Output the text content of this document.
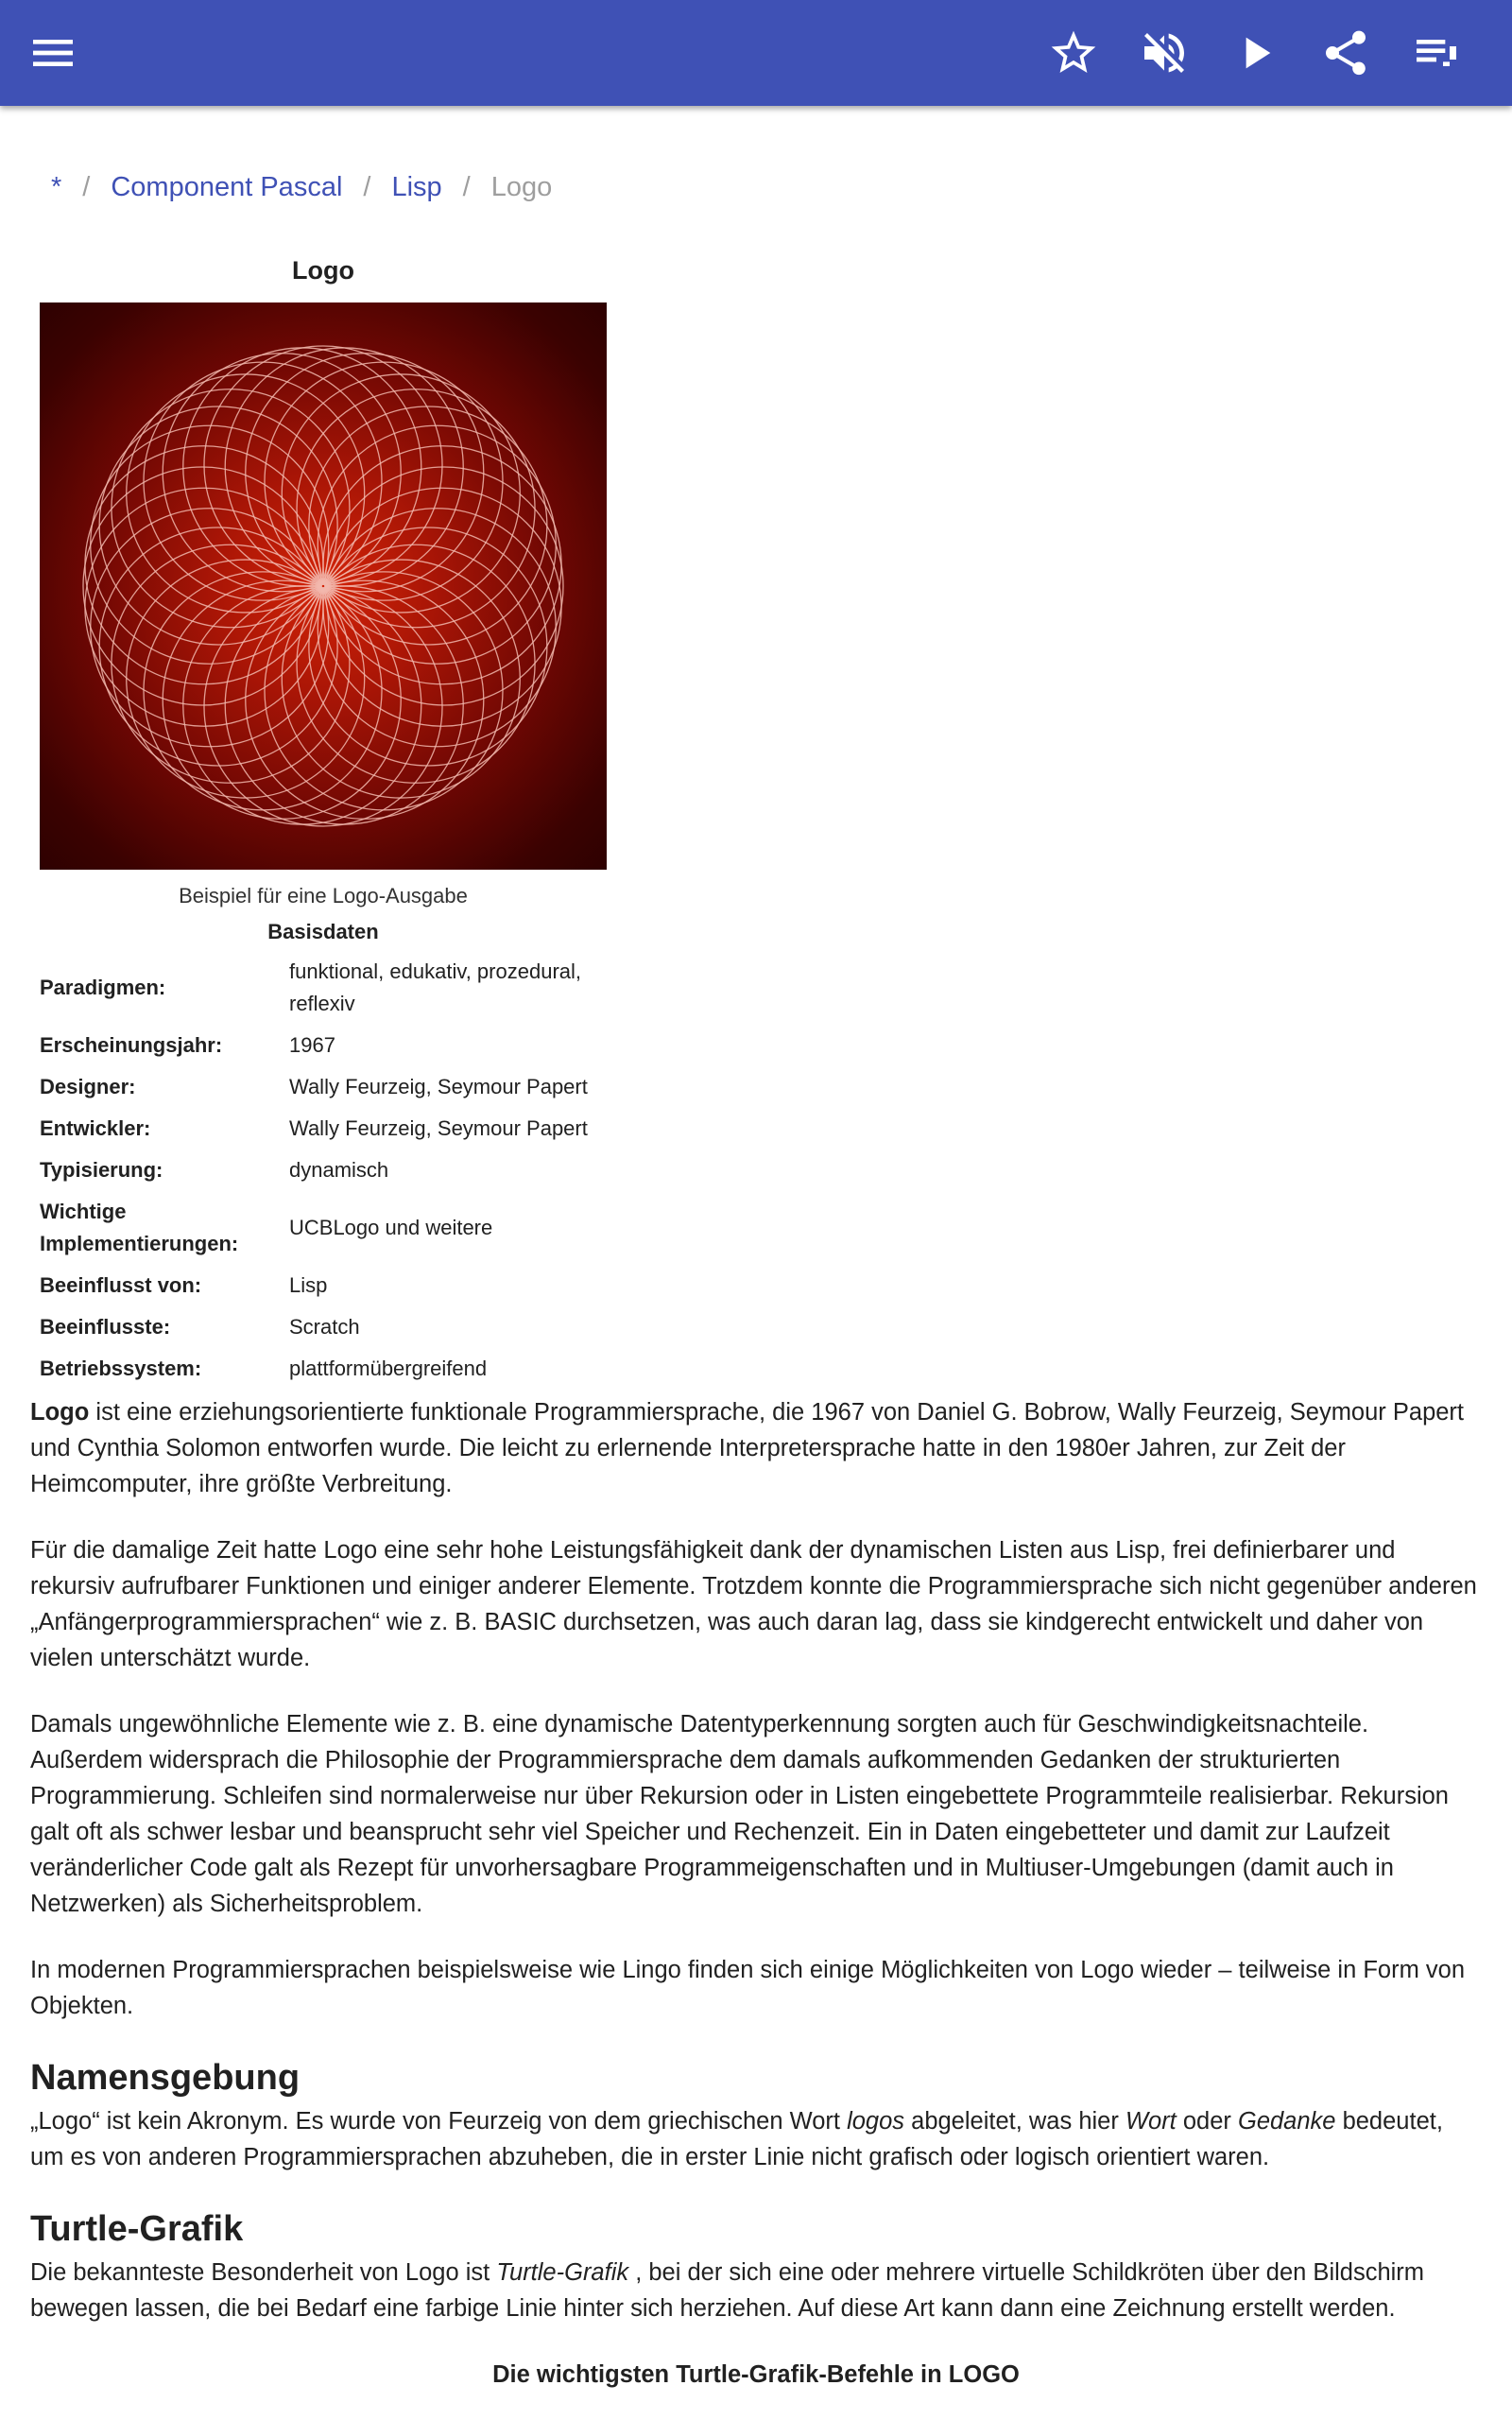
* / Component Pascal / Lisp / Logo
Logo
Beispiel für eine Logo-Ausgabe
Basisdaten
Paradigmen:	funktional, edukativ, prozedural, reflexiv
Erscheinungsjahr:	1967
Designer:	Wally Feurzeig, Seymour Papert
Entwickler:	Wally Feurzeig, Seymour Papert
Typisierung:	dynamisch
Wichtige Implementierungen:	UCBLogo und weitere
Beeinflusst von:	Lisp
Beeinflusste:	Scratch
Betriebssystem:	plattformübergreifend

Logo ist eine erziehungsorientierte funktionale Programmiersprache, die 1967 von Daniel G. Bobrow, Wally Feurzeig, Seymour Papert und Cynthia Solomon entworfen wurde. Die leicht zu erlernende Interpretersprache hatte in den 1980er Jahren, zur Zeit der Heimcomputer, ihre größte Verbreitung.

Für die damalige Zeit hatte Logo eine sehr hohe Leistungsfähigkeit dank der dynamischen Listen aus Lisp, frei definierbarer und rekursiv aufrufbarer Funktionen und einiger anderer Elemente. Trotzdem konnte die Programmiersprache sich nicht gegenüber anderen „Anfängerprogrammiersprachen“ wie z. B. BASIC durchsetzen, was auch daran lag, dass sie kindgerecht entwickelt und daher von vielen unterschätzt wurde.

Damals ungewöhnliche Elemente wie z. B. eine dynamische Datentyperkennung sorgten auch für Geschwindigkeitsnachteile. Außerdem widersprach die Philosophie der Programmiersprache dem damals aufkommenden Gedanken der strukturierten Programmierung. Schleifen sind normalerweise nur über Rekursion oder in Listen eingebettete Programmteile realisierbar. Rekursion galt oft als schwer lesbar und beansprucht sehr viel Speicher und Rechenzeit. Ein in Daten eingebetteter und damit zur Laufzeit veränderlicher Code galt als Rezept für unvorhersagbare Programmeigenschaften und in Multiuser-Umgebungen (damit auch in Netzwerken) als Sicherheitsproblem.

In modernen Programmiersprachen beispielsweise wie Lingo finden sich einige Möglichkeiten von Logo wieder – teilweise in Form von Objekten.

Namensgebung

„Logo“ ist kein Akronym. Es wurde von Feurzeig von dem griechischen Wort logos abgeleitet, was hier Wort oder Gedanke bedeutet, um es von anderen Programmiersprachen abzuheben, die in erster Linie nicht grafisch oder logisch orientiert waren.

Turtle-Grafik

Die bekannteste Besonderheit von Logo ist Turtle-Grafik , bei der sich eine oder mehrere virtuelle Schildkröten über den Bildschirm bewegen lassen, die bei Bedarf eine farbige Linie hinter sich herziehen. Auf diese Art kann dann eine Zeichnung erstellt werden.

Die wichtigsten Turtle-Grafik-Befehle in LOGO
